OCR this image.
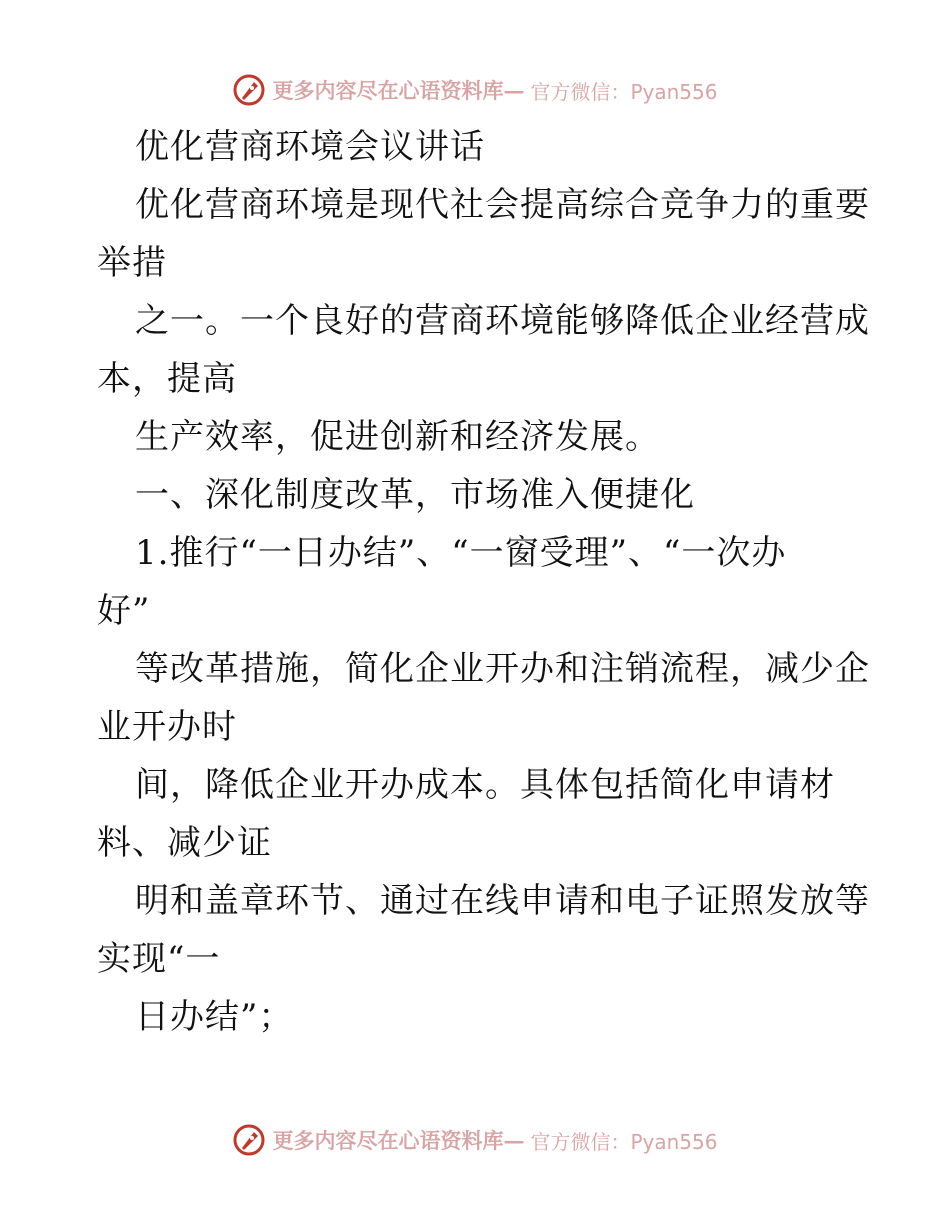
更多内容尽在心语资料库— 官方微信：Pyan556
优化营商环境会议讲话
优化营商环境是现代社会提高综合竞争力的重要
举措
之一。一个良好的营商环境能够降低企业经营成
本，提高
生产效率，促进创新和经济发展。
一、深化制度改革，市场准入便捷化
1.推行“一日办结”、“一窗受理”、“一次办
好”
等改革措施，简化企业开办和注销流程，减少企
业开办时
间，降低企业开办成本。具体包括简化申请材
料、减少证
明和盖章环节、通过在线申请和电子证照发放等
实现“一
日办结”；
更多内容尽在心语资料库— 官方微信：Pyan556
